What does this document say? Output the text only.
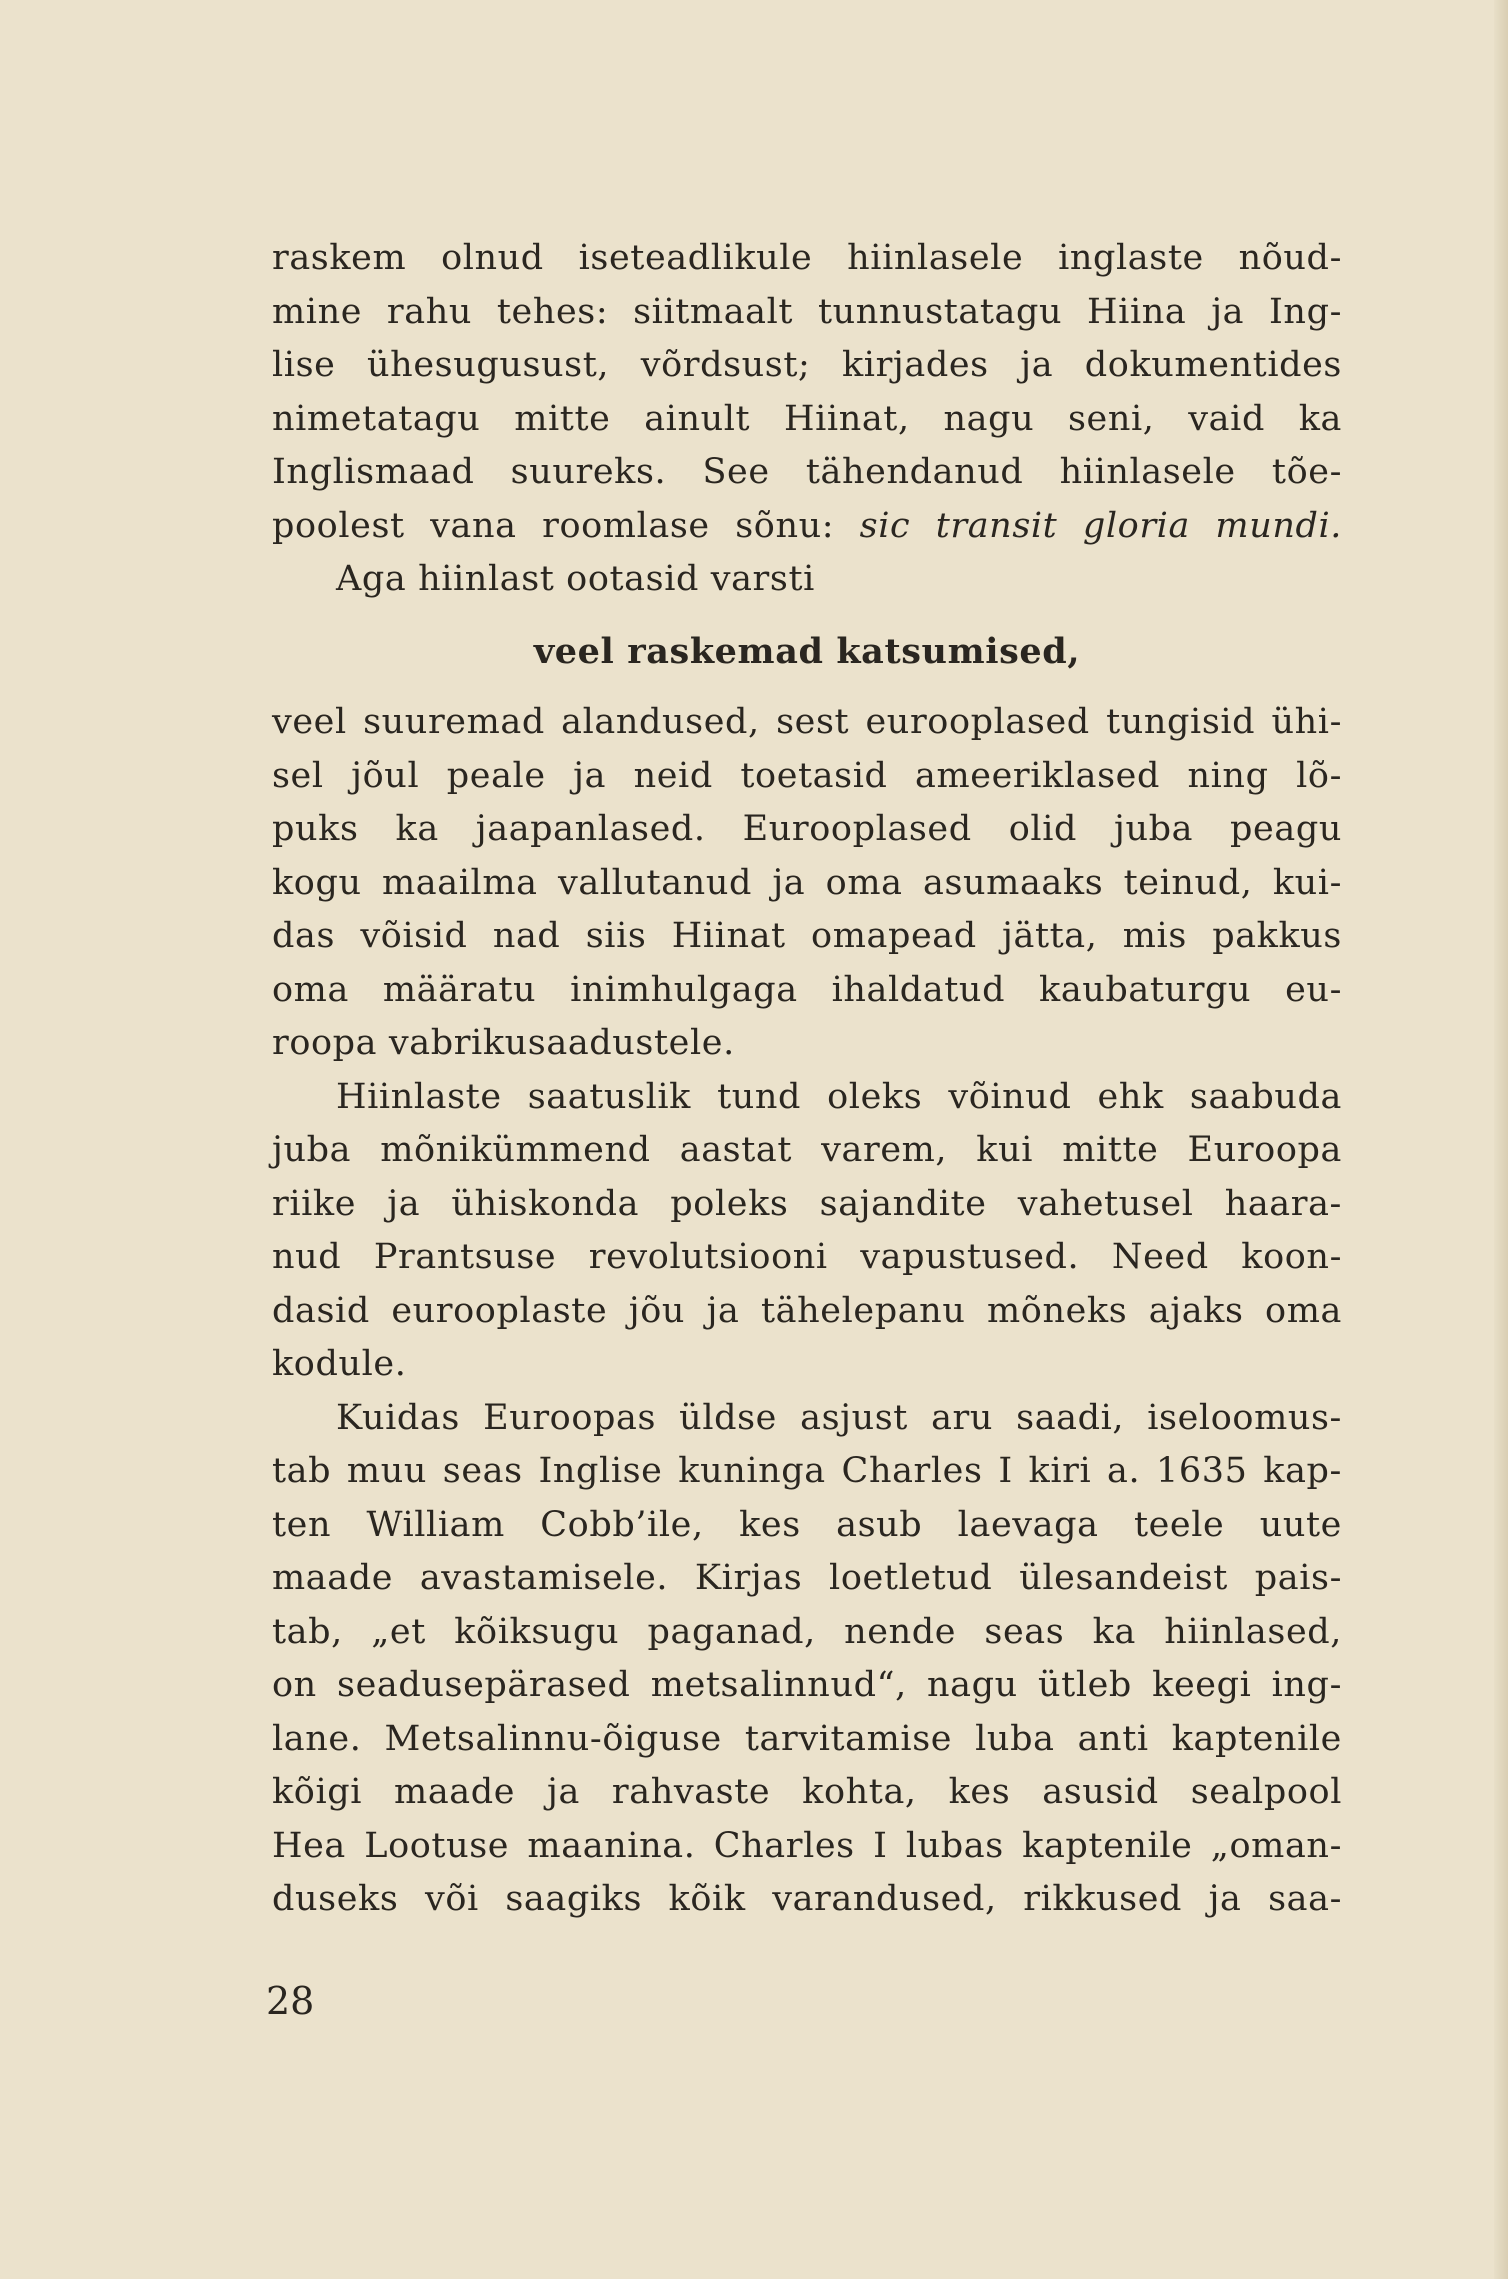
raskem olnud iseteadlikule hiinlasele inglaste nõud-
mine rahu tehes: siitmaalt tunnustatagu Hiina ja Ing-
lise ühesugusust, võrdsust; kirjades ja dokumentides
nimetatagu mitte ainult Hiinat, nagu seni, vaid ka
Inglismaad suureks. See tähendanud hiinlasele tõe-
poolest vana roomlase sõnu: sic transit gloria mundi.
Aga hiinlast ootasid varsti
veel raskemad katsumised,
veel suuremad alandused, sest eurooplased tungisid ühi-
sel jõul peale ja neid toetasid ameeriklased ning lõ-
puks ka jaapanlased. Eurooplased olid juba peagu
kogu maailma vallutanud ja oma asumaaks teinud, kui-
das võisid nad siis Hiinat omapead jätta, mis pakkus
oma määratu inimhulgaga ihaldatud kaubaturgu eu-
roopa vabrikusaadustele.
Hiinlaste saatuslik tund oleks võinud ehk saabuda
juba mõnikümmend aastat varem, kui mitte Euroopa
riike ja ühiskonda poleks sajandite vahetusel haara-
nud Prantsuse revolutsiooni vapustused. Need koon-
dasid eurooplaste jõu ja tähelepanu mõneks ajaks oma
kodule.
Kuidas Euroopas üldse asjust aru saadi, iseloomus-
tab muu seas Inglise kuninga Charles I kiri a. 1635 kap-
ten William Cobb’ile, kes asub laevaga teele uute
maade avastamisele. Kirjas loetletud ülesandeist pais-
tab, „et kõiksugu paganad, nende seas ka hiinlased,
on seadusepärased metsalinnud“, nagu ütleb keegi ing-
lane. Metsalinnu-õiguse tarvitamise luba anti kaptenile
kõigi maade ja rahvaste kohta, kes asusid sealpool
Hea Lootuse maanina. Charles I lubas kaptenile „oman-
duseks või saagiks kõik varandused, rikkused ja saa-
28
